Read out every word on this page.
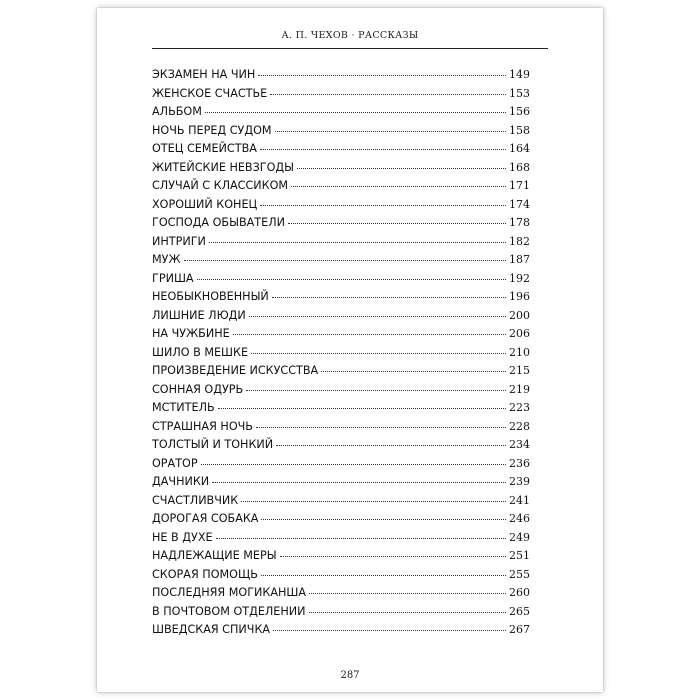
А. П. ЧЕХОВ · РАССКАЗЫ
ЭКЗАМЕН НА ЧИН	149
ЖЕНСКОЕ СЧАСТЬЕ	153
АЛЬБОМ	156
НОЧЬ ПЕРЕД СУДОМ	158
ОТЕЦ СЕМЕЙСТВА	164
ЖИТЕЙСКИЕ НЕВЗГОДЫ	168
СЛУЧАЙ С КЛАССИКОМ	171
ХОРОШИЙ КОНЕЦ	174
ГОСПОДА ОБЫВАТЕЛИ	178
ИНТРИГИ	182
МУЖ	187
ГРИША	192
НЕОБЫКНОВЕННЫЙ	196
ЛИШНИЕ ЛЮДИ	200
НА ЧУЖБИНЕ	206
ШИЛО В МЕШКЕ	210
ПРОИЗВЕДЕНИЕ ИСКУССТВА	215
СОННАЯ ОДУРЬ	219
МСТИТЕЛЬ	223
СТРАШНАЯ НОЧЬ	228
ТОЛСТЫЙ И ТОНКИЙ	234
ОРАТОР	236
ДАЧНИКИ	239
СЧАСТЛИВЧИК	241
ДОРОГАЯ СОБАКА	246
НЕ В ДУХЕ	249
НАДЛЕЖАЩИЕ МЕРЫ	251
СКОРАЯ ПОМОЩЬ	255
ПОСЛЕДНЯЯ МОГИКАНША	260
В ПОЧТОВОМ ОТДЕЛЕНИИ	265
ШВЕДСКАЯ СПИЧКА	267
287
